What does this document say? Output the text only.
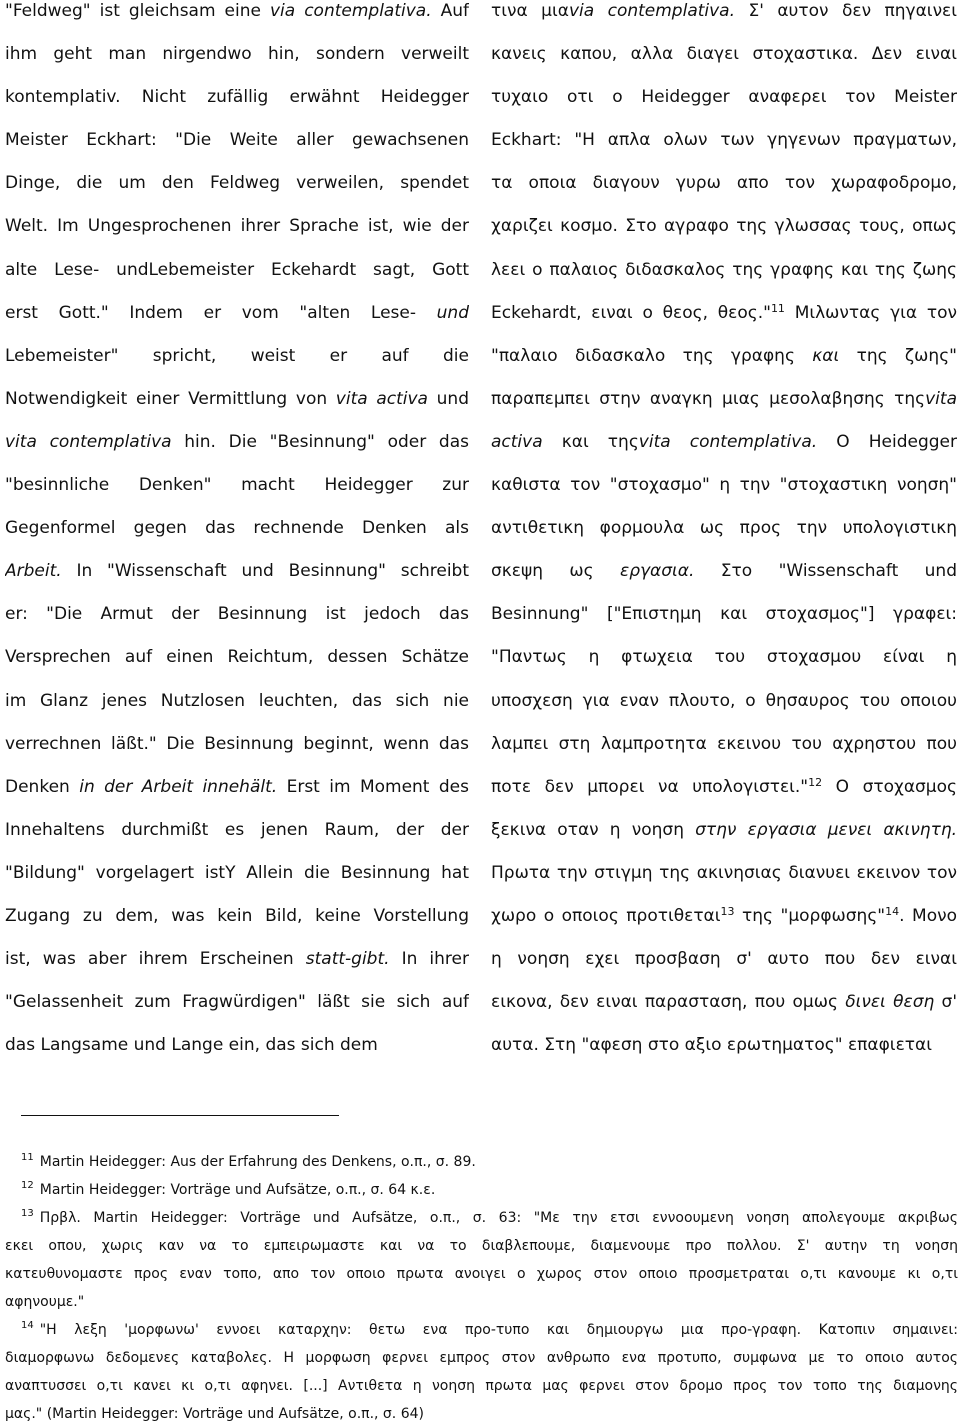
"Feldweg" ist gleichsam eine via contemplativa. Auf
ihm geht man nirgendwo hin, sondern verweilt
kontemplativ. Nicht zufällig erwähnt Heidegger
Meister Eckhart: "Die Weite aller gewachsenen
Dinge, die um den Feldweg verweilen, spendet
Welt. Im Ungesprochenen ihrer Sprache ist, wie der
alte Lese- undLebemeister Eckehardt sagt, Gott
erst Gott." Indem er vom "alten Lese- und
Lebemeister" spricht, weist er auf die
Notwendigkeit einer Vermittlung von vita activa und
vita contemplativa hin. Die "Besinnung" oder das
"besinnliche Denken" macht Heidegger zur
Gegenformel gegen das rechnende Denken als
Arbeit. In "Wissenschaft und Besinnung" schreibt
er: "Die Armut der Besinnung ist jedoch das
Versprechen auf einen Reichtum, dessen Schätze
im Glanz jenes Nutzlosen leuchten, das sich nie
verrechnen läßt." Die Besinnung beginnt, wenn das
Denken in der Arbeit innehält. Erst im Moment des
Innehaltens durchmißt es jenen Raum, der der
"Bildung" vorgelagert istY Allein die Besinnung hat
Zugang zu dem, was kein Bild, keine Vorstellung
ist, was aber ihrem Erscheinen statt-gibt. In ihrer
"Gelassenheit zum Fragwürdigen" läßt sie sich auf
das Langsame und Lange ein, das sich dem
τινα μιαvia contemplativa. Σ' αυτον δεν πηγαινει
κανεις καπου, αλλα διαγει στοχαστικα. Δεν ειναι
τυχαιο οτι ο Heidegger αναφερει τον Meister
Eckhart: "Η απλα ολων των γηγενων πραγματων,
τα οποια διαγουν γυρω απο τον χωραφοδρομο,
χαριζει κοσμο. Στο αγραφο της γλωσσας τους, οπως
λεει ο παλαιος διδασκαλος της γραφης και της ζωης
Eckehardt, ειναι ο θεος, θεος."$^{11}$ Μιλωντας για τον
"παλαιο διδασκαλο της γραφης και της ζωης"
παραπεμπει στην αναγκη μιας μεσολαβησης τηςvita
activa και τηςvita contemplativa. Ο Heidegger
καθιστα τον "στοχασμο" η την "στοχαστικη νοηση"
αντιθετικη φορμουλα ως προς την υπολογιστικη
σκεψη ως εργασια. Στο "Wissenschaft und
Besinnung" ["Επιστημη και στοχασμος"] γραφει:
"Παντως η φτωχεια του στοχασμου είναι η
υποσχεση για εναν πλουτο, ο θησαυρος του οποιου
λαμπει στη λαμπροτητα εκεινου του αχρηστου που
ποτε δεν μπορει να υπολογιστει."$^{12}$ Ο στοχασμος
ξεκινα οταν η νοηση στην εργασια μενει ακινητη.
Πρωτα την στιγμη της ακινησιας διανυει εκεινον τον
χωρο ο οποιος προτιθεται$^{13}$ της "μορφωσης"$^{14}$. Μονο
η νοηση εχει προσβαση σ' αυτο που δεν ειναι
εικονα, δεν ειναι παρασταση, που ομως δινει θεση σ'
αυτα. Στη "αφεση στο αξιο ερωτηματος" επαφιεται
$^{11}$ Martin Heidegger: Aus der Erfahrung des Denkens, ο.π., σ. 89.
$^{12}$ Martin Heidegger: Vorträge und Aufsätze, ο.π., σ. 64 κ.ε.
$^{13}$ Πρβλ. Martin Heidegger: Vorträge und Aufsätze, ο.π., σ. 63: "Με την ετσι εννοουμενη νοηση απολεγουμε ακριβως
εκει οπου, χωρις καν να το εμπειρωμαστε και να το διαβλεπουμε, διαμενουμε προ πολλου. Σ' αυτην τη νοηση
κατευθυνομαστε προς εναν τοπο, απο τον οποιο πρωτα ανοιγει ο χωρος στον οποιο προσμετραται ο,τι κανουμε κι ο,τι
αφηνουμε."
$^{14}$ "Η λεξη 'μορφωνω' εννοει καταρχην: θετω ενα προ-τυπο και δημιουργω μια προ-γραφη. Κατοπιν σημαινει:
διαμορφωνω δεδομενες καταβολες. Η μορφωση φερνει εμπρος στον ανθρωπο ενα προτυπο, συμφωνα με το οποιο αυτος
αναπτυσσει ο,τι κανει κι ο,τι αφηνει. [...] Αντιθετα η νοηση πρωτα μας φερνει στον δρομο προς τον τοπο της διαμονης
μας." (Martin Heidegger: Vorträge und Aufsätze, ο.π., σ. 64)
